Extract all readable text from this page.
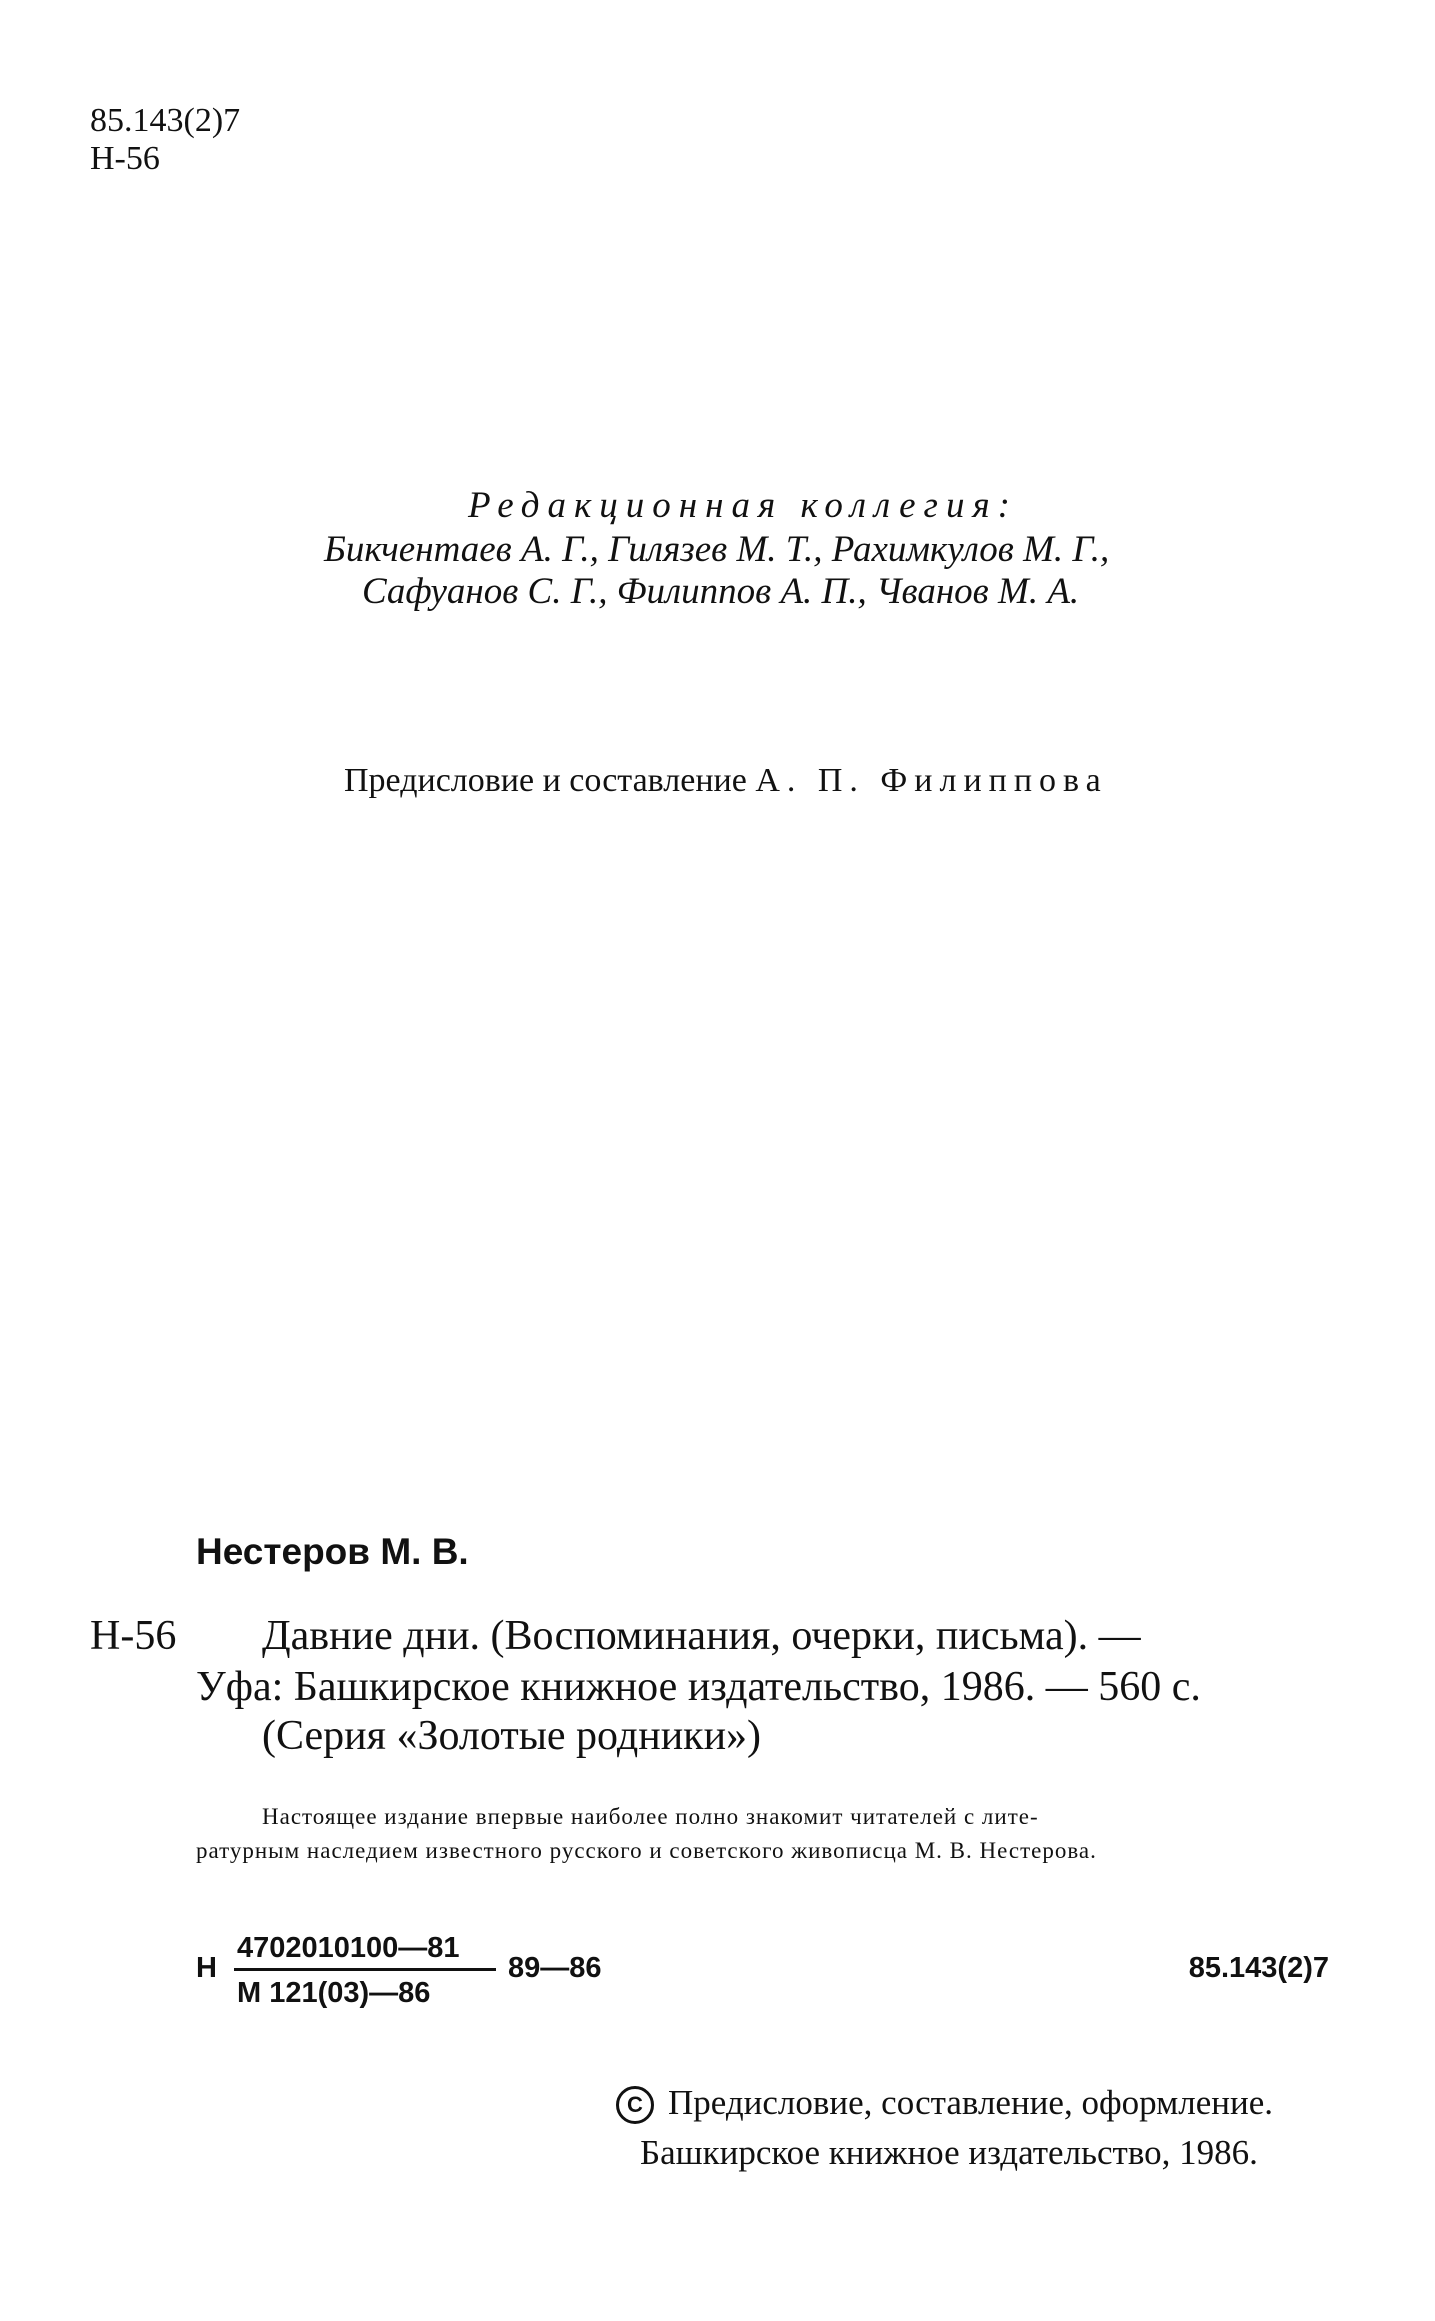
85.143(2)7
Н-56
Редакционная коллегия:
Бикчентаев А. Г., Гилязев М. Т., Рахимкулов М. Г.,
Сафуанов С. Г., Филиппов А. П., Чванов М. А.
Предисловие и составление А. П. Филиппова
Нестеров М. В.
Н-56 Давние дни. (Воспоминания, очерки, письма). —
Уфа: Башкирское книжное издательство, 1986. — 560 с.
(Серия «Золотые родники»)
Настоящее издание впервые наиболее полно знакомит читателей с лите-
ратурным наследием известного русского и советского живописца М. В. Нестерова.
Н
4702010100—81
М 121(03)—86
89—86	85.143(2)7
C Предисловие, составление, оформление.
Башкирское книжное издательство, 1986.
